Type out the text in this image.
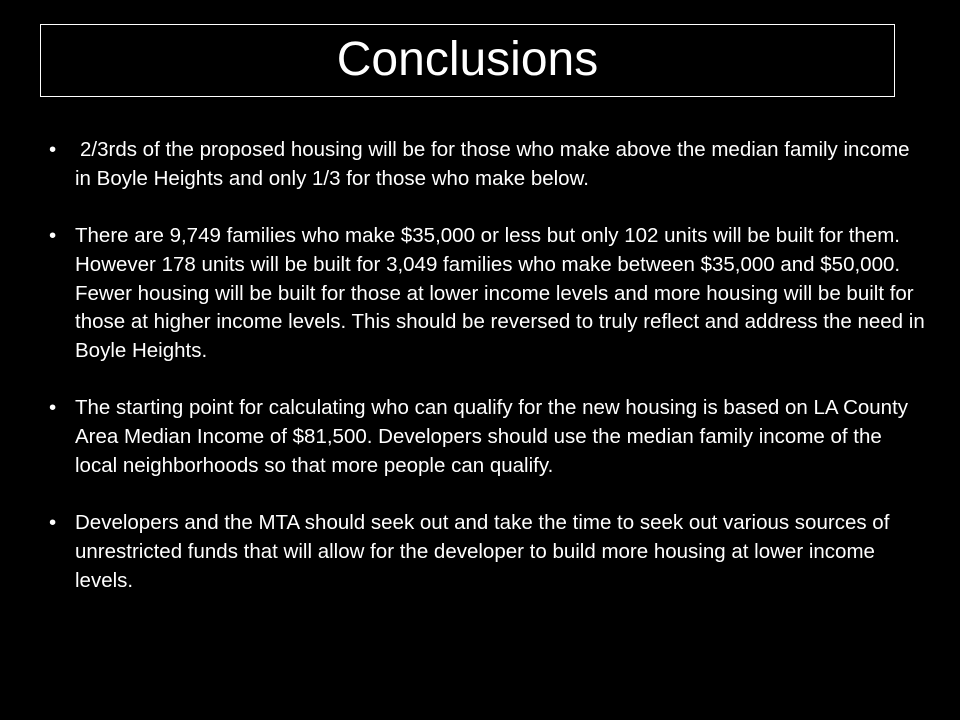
Conclusions
• 2/3rds of the proposed housing will be for those who make above the median family income in Boyle Heights and only 1/3 for those who make below.
• There are 9,749 families who make $35,000 or less but only 102 units will be built for them. However 178 units will be built for 3,049 families who make between $35,000 and $50,000. Fewer housing will be built for those at lower income levels and more housing will be built for those at higher income levels. This should be reversed to truly reflect and address the need in Boyle Heights.
• The starting point for calculating who can qualify for the new housing is based on LA County Area Median Income of $81,500. Developers should use the median family income of the local neighborhoods so that more people can qualify.
• Developers and the MTA should seek out and take the time to seek out various sources of unrestricted funds that will allow for the developer to build more housing at lower income levels.
